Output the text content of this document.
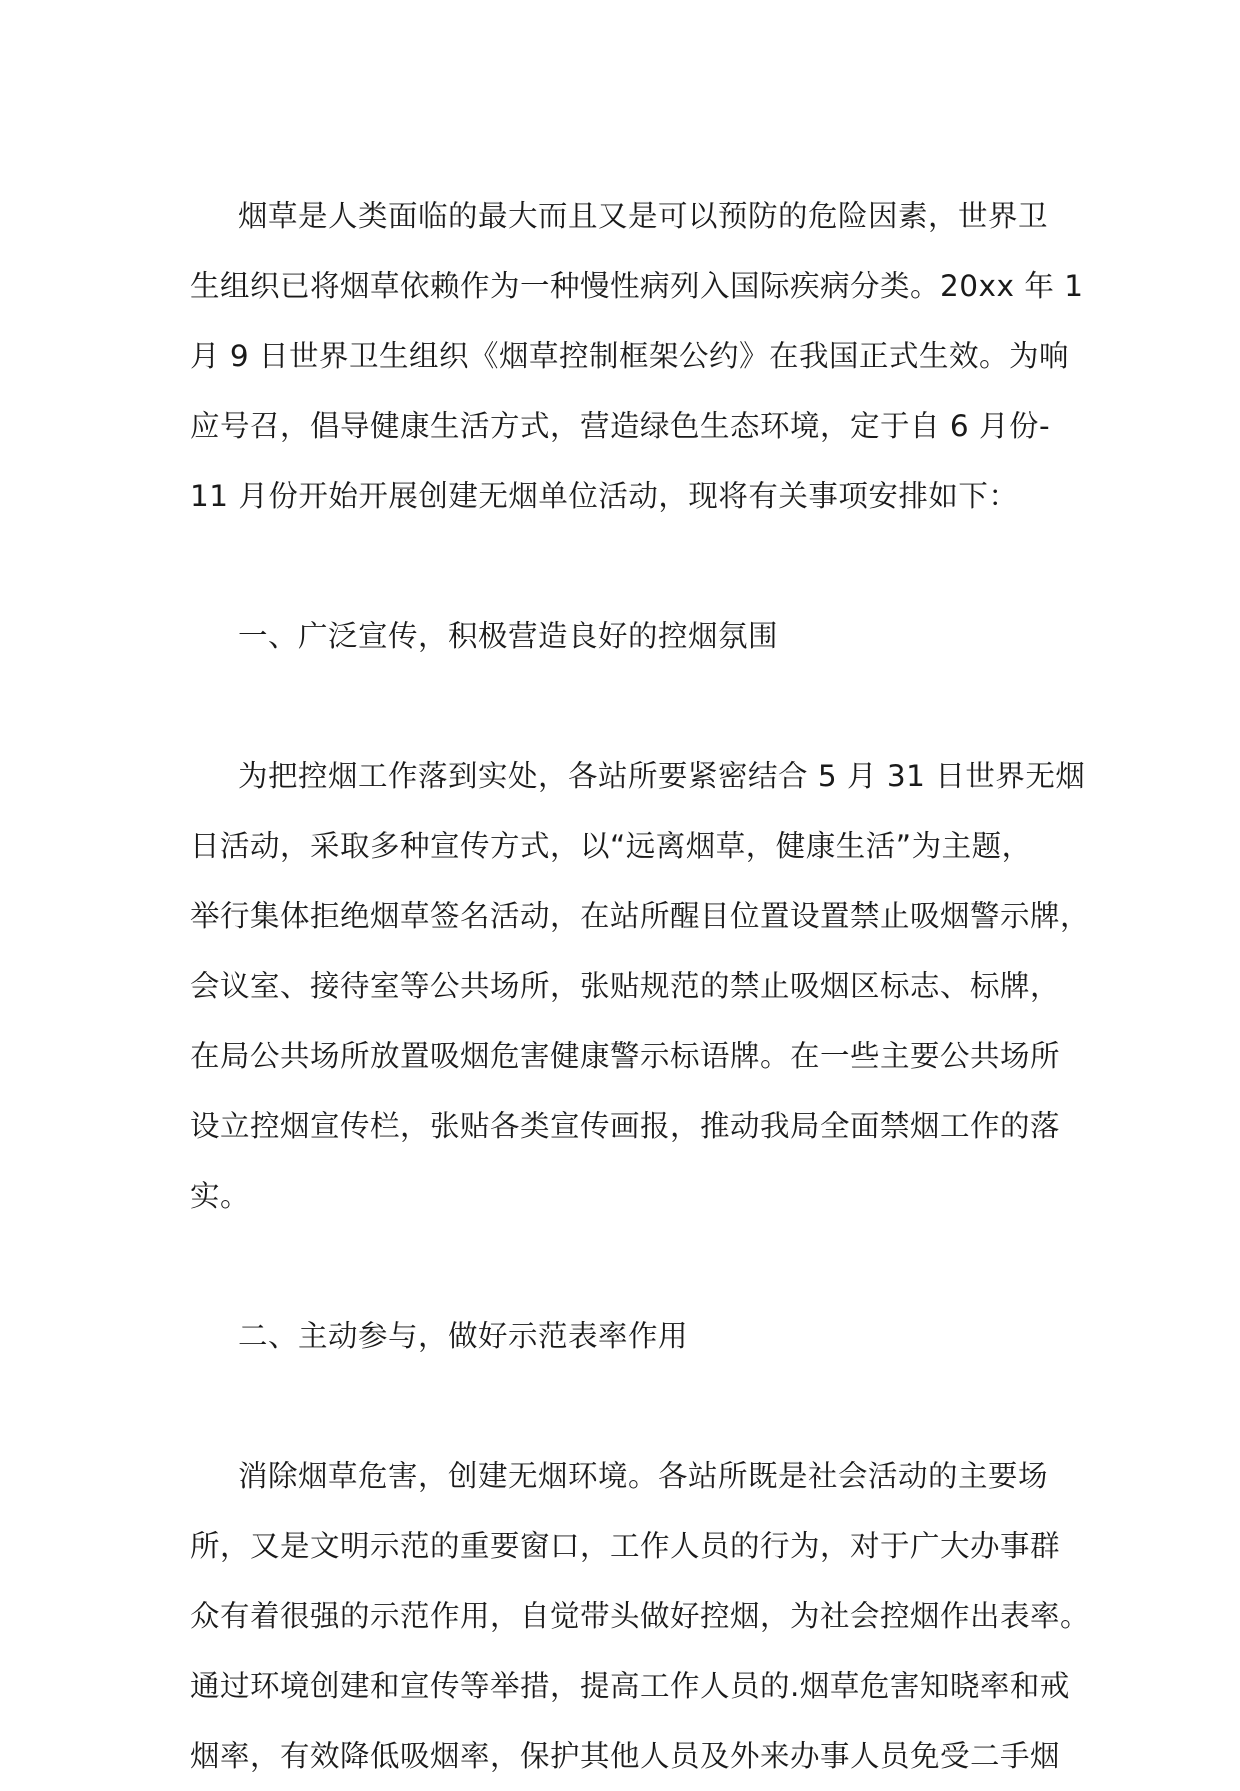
烟草是人类面临的最大而且又是可以预防的危险因素，世界卫
生组织已将烟草依赖作为一种慢性病列入国际疾病分类。20xx 年 1
月 9 日世界卫生组织《烟草控制框架公约》在我国正式生效。为响
应号召，倡导健康生活方式，营造绿色生态环境，定于自 6 月份-
11 月份开始开展创建无烟单位活动，现将有关事项安排如下：
一、广泛宣传，积极营造良好的控烟氛围
为把控烟工作落到实处，各站所要紧密结合 5 月 31 日世界无烟
日活动，采取多种宣传方式，以“远离烟草，健康生活”为主题，
举行集体拒绝烟草签名活动，在站所醒目位置设置禁止吸烟警示牌，
会议室、接待室等公共场所，张贴规范的禁止吸烟区标志、标牌，
在局公共场所放置吸烟危害健康警示标语牌。在一些主要公共场所
设立控烟宣传栏，张贴各类宣传画报，推动我局全面禁烟工作的落
实。
二、主动参与，做好示范表率作用
消除烟草危害，创建无烟环境。各站所既是社会活动的主要场
所，又是文明示范的重要窗口，工作人员的行为，对于广大办事群
众有着很强的示范作用，自觉带头做好控烟，为社会控烟作出表率。
通过环境创建和宣传等举措，提高工作人员的.烟草危害知晓率和戒
烟率，有效降低吸烟率，保护其他人员及外来办事人员免受二手烟
